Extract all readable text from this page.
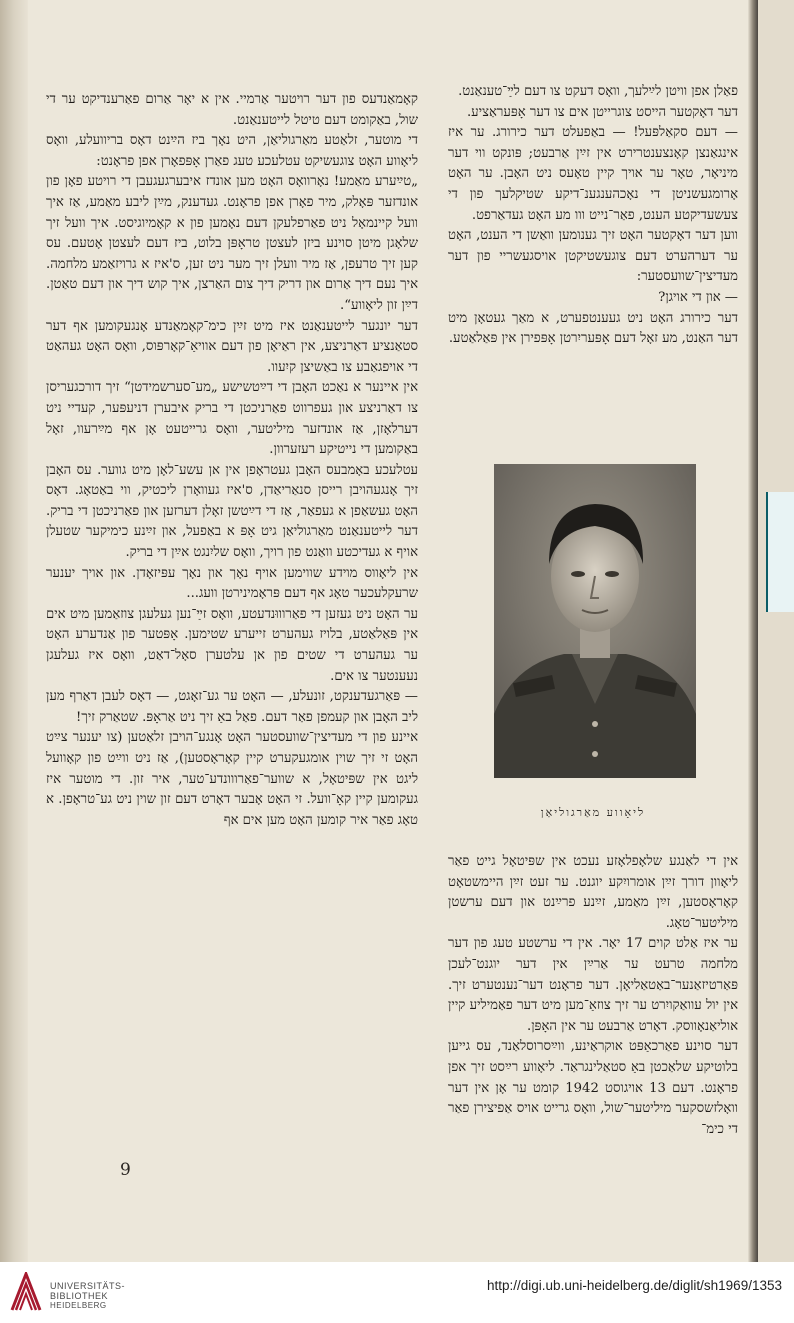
פאַלן אפן וויטן לײַלעך, וואָס דעקט צו דעם לײַ־טענאַנט.

דער דאָקטער הייסט צוגרייטן אים צו דער אָפּעראַציע.

— דעם סקאַלפּעל! — באַפעלט דער כירורג. ער איז אינגאַנצן קאָנצענטרירט אין זײַן אַרבעט; פּונקט ווי דער מיניאָר, טאָר ער אויך קיין טאָעס ניט האָבן. ער האָט אָרומגעשניטן די נאָכהענגענ־דיקע שטיקלעך פון די צעשעדיקטע הענט, פאַר־נייט ווו מע האָט געדאַרפט.

ווען דער דאָקטער האָט זיך גענומען וואַשן די הענט, האָט ער דערהערט דעם צוגעשטיקטן אויסגעשריי פון דער מעדיצין־שוועסטער:

— און די אויגן?

דער כירורג האָט ניט געענטפערט, א מאַך געטאָן מיט דער האַנט, מע זאָל דעם אָפּעריִרטן אָפּפירן אין פּאַלאַטע.

ליאָווע מאַרגוליאַן

אין די לאַנגע שלאָפלאָזע נעכט אין שפּיטאָל גייט פאַר ליאָוון דורך זײַן אומרויִקע יוגנט. ער זעט זײַן היימשטאָט קאָראָסטען, זײַן מאַמע, זײַנע פרײַנט און דעם ערשטן מיליטער־טאָג.

ער איז אַלט קוים 17 יאָר. אין די ערשטע טעג פון דער מלחמה טרעט ער אַרײַן אין דער יוגנט־לעכן פּאַרטיזאַנער־באַטאַליאָן. דער פראָנט דער־נענטערט זיך. אין יול עוואַקויִרט ער זיך צוזאַ־מען מיט דער פאַמיליע קיין אוליאַנאָווסק. דאָרט אַרבעט ער אין האָפּן.

דער סוינע פאַרכאַפּט אוקראַינע, ווײַסרוסלאַנד, עס גייען בלוטיקע שלאַכטן באַ סטאַלינגראַד. ליאָווע רײַסט זיך אפן פראָנט. דעם 13 אויגוסט 1942 קומט ער אָן אין דער וואָלזשסקער מיליטער־שול, וואָס גרייט אויס אַפיצירן פאַר די כימ־

קאָמאַנדעס פון דער רויטער אַרמיי. אין א יאָר אַרום פאַרענדיקט ער די שול, באַקומט דעם טיטל לייטענאַנט.

די מוטער, זלאַטע מאַרגוליאַן, היט נאָך ביז הײַנט דאָס בריוועלע, וואָס ליאָווע האָט צוגעשיקט עטלעכע טעג פאַרן אָפּפאָרן אפן פראָנט:

„טײַערע מאַמע! נאָרוואָס האָט מען אונדז איבערגעגעבן די רויטע פאָן פון אונדזער פּאָלק, מיר פאָרן אפן פראָנט. געדענק, מײַן ליבע מאַמע, אַז איך וועל קיינמאָל ניט פאַרפלעקן דעם נאָמען פון א קאָמיוגיסט. איך וועל זיך שלאָגן מיטן סוינע ביזן לעצטן טראָפּן בלוט, ביז דעם לעצטן אָטעם. עס קען זיך טרעפן, אַז מיר וועלן זיך מער ניט זען, ס'איז א גרויזאַמע מלחמה. איך נעם דיך אַרום און דריק דיך צום האַרצן, איך קוש דיך און דעם טאַטן. דײַן זון ליאָווע“.

דער יונגער לייטענאַנט איז מיט זײַן כימ־קאָמאַנדע אָנגעקומען אף דער סטאַנציע דאַרניצע, אין ראַיאָן פון דעם אוויאַ־קאָרפּוס, וואָס האָט געהאַט די אויפגאַבע צו באַשיצן קיִעוו.

אין איינער א נאַכט האָבן די דײַטשישע „מע־סערשמידטן“ זיך דורכגעריסן צו דאַרניצע און געפרווט פאַרניכטן די בריק איבערן דניעפּער, קעדיי ניט דערלאָזן, אַז אונדזער מיליטער, וואָס גרייטעט אָן אף מײַרעוו, זאָל באַקומען די נייטיקע רעזערוון.

עטלעכע באָמבעס האָבן געטראָפן אין אן עשע־לאָן מיט גווער. עס האָבן זיך אָנגעהויבן רייסן סנאַריאַדן, ס'איז געוואָרן ליכטיק, ווי באַטאָג. דאָס האָט געשאַפן א געפאַר, אַז די דײַטשן זאָלן דערזען און פאַרניכטן די בריק. דער לייטענאַנט מאַרגוליאַן גיט אָפּ א באַפעל, און זײַנע כימיקער שטעלן אויף א געדיכטע וואַנט פון רויך, וואָס שליִנגט אײַן די בריק.

אין ליאָווס מוידע שווימען אויף נאָך און נאָך עפּיזאָדן. און אויך יענער שרעקלעכער טאָג אף דעם פּראָמינירטן וועג...

ער האָט ניט געזען די פאַרוווּנדעטע, וואָס זײַ־נען געלעגן צוזאַמען מיט אים אין פּאַלאַטע, בלויז געהערט זייערע שטימען. אָפּטער פון אַנדערע האָט ער געהערט די שטים פון אן עלטערן סאָל־דאַט, וואָס איז געלעגן נעענטער צו אים.

— פּאַרגעדענקט, זונעלע, — האָט ער גע־זאָגט, — דאָס לעבן דאַרף מען ליב האָבן און קעמפן פאַר דעם. פאַל באַ זיך ניט אַראָפּ. שטאַרק זיך!

איינע פון די מעדיצין־שוועסטער האָט אָנגע־הויבן זלאַטען (צו יענער צײַט האָט זי זיך שוין אומגעקערט קיין קאָראָסטען), אַז ניט ווײַט פון קאָוועל ליגט אין שפּיטאָל, א שווער־פאַרווונדע־טער, איר זון. די מוטער איז געקומען קיין קאָ־וועל. זי האָט אָבער דאָרט דעם זון שוין ניט גע־טראָפן. א טאָג פאַר איר קומען האָט מען אים אף

9
UNIVERSITÄTS-
BIBLIOTHEK
HEIDELBERG
http://digi.ub.uni-heidelberg.de/diglit/sh1969/1353
